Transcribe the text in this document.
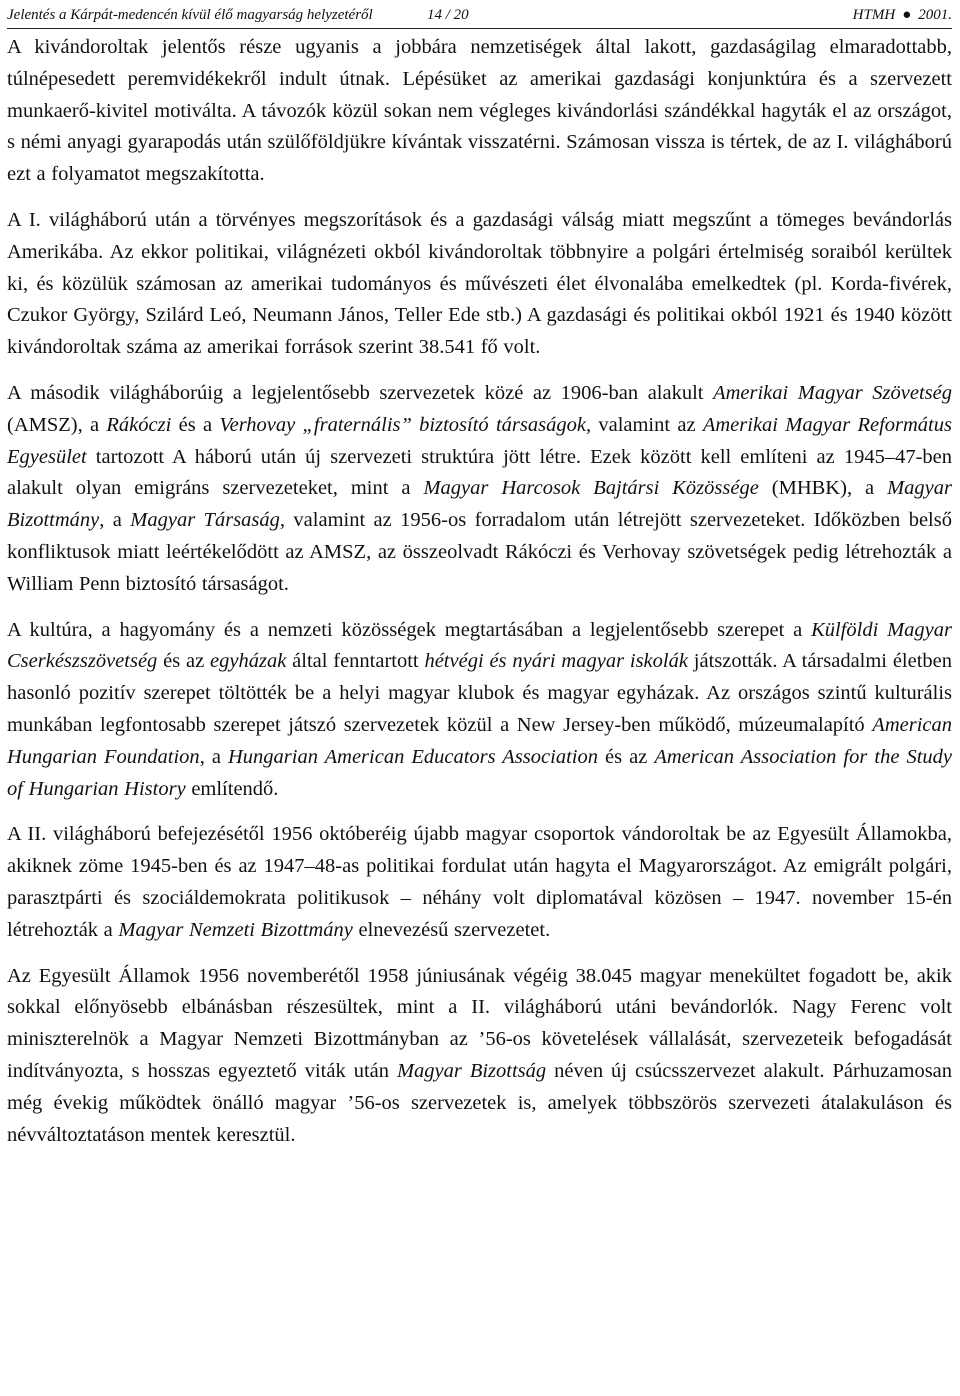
Jelentés a Kárpát-medencén kívül élő magyarság helyzetéről	14 / 20	HTMH ● 2001.

A kivándoroltak jelentős része ugyanis a jobbára nemzetiségek által lakott, gazdaságilag elmaradottabb, túlnépesedett peremvidékekről indult útnak. Lépésüket az amerikai gazdasági konjunktúra és a szervezett munkaerő-kivitel motiválta. A távozók közül sokan nem végleges kivándorlási szándékkal hagyták el az országot, s némi anyagi gyarapodás után szülőföldjükre kívántak visszatérni. Számosan vissza is tértek, de az I. világháború ezt a folyamatot megszakította.

A I. világháború után a törvényes megszorítások és a gazdasági válság miatt megszűnt a tömeges bevándorlás Amerikába. Az ekkor politikai, világnézeti okból kivándoroltak többnyire a polgári értelmiség soraiból kerültek ki, és közülük számosan az amerikai tudományos és művészeti élet élvonalába emelkedtek (pl. Korda-fivérek, Czukor György, Szilárd Leó, Neumann János, Teller Ede stb.) A gazdasági és politikai okból 1921 és 1940 között kivándoroltak száma az amerikai források szerint 38.541 fő volt.

A második világháborúig a legjelentősebb szervezetek közé az 1906-ban alakult Amerikai Magyar Szövetség (AMSZ), a Rákóczi és a Verhovay „fraternális” biztosító társaságok, valamint az Amerikai Magyar Református Egyesület tartozott A háború után új szervezeti struktúra jött létre. Ezek között kell említeni az 1945–47-ben alakult olyan emigráns szervezeteket, mint a Magyar Harcosok Bajtársi Közössége (MHBK), a Magyar Bizottmány, a Magyar Társaság, valamint az 1956-os forradalom után létrejött szervezeteket. Időközben belső konfliktusok miatt leértékelődött az AMSZ, az összeolvadt Rákóczi és Verhovay szövetségek pedig létrehozták a William Penn biztosító társaságot.

A kultúra, a hagyomány és a nemzeti közösségek megtartásában a legjelentősebb szerepet a Külföldi Magyar Cserkészszövetség és az egyházak által fenntartott hétvégi és nyári magyar iskolák játszották. A társadalmi életben hasonló pozitív szerepet töltötték be a helyi magyar klubok és magyar egyházak. Az országos szintű kulturális munkában legfontosabb szerepet játszó szervezetek közül a New Jersey-ben működő, múzeumalapító American Hungarian Foundation, a Hungarian American Educators Association és az American Association for the Study of Hungarian History említendő.

A II. világháború befejezésétől 1956 októberéig újabb magyar csoportok vándoroltak be az Egyesült Államokba, akiknek zöme 1945-ben és az 1947–48-as politikai fordulat után hagyta el Magyarországot. Az emigrált polgári, parasztpárti és szociáldemokrata politikusok – néhány volt diplomatával közösen – 1947. november 15-én létrehozták a Magyar Nemzeti Bizottmány elnevezésű szervezetet.

Az Egyesült Államok 1956 novemberétől 1958 júniusának végéig 38.045 magyar menekültet fogadott be, akik sokkal előnyösebb elbánásban részesültek, mint a II. világháború utáni bevándorlók. Nagy Ferenc volt miniszterelnök a Magyar Nemzeti Bizottmányban az ’56-os követelések vállalását, szervezeteik befogadását indítványozta, s hosszas egyeztető viták után Magyar Bizottság néven új csúcsszervezet alakult. Párhuzamosan még évekig működtek önálló magyar ’56-os szervezetek is, amelyek többszörös szervezeti átalakuláson és névváltoztatáson mentek keresztül.
